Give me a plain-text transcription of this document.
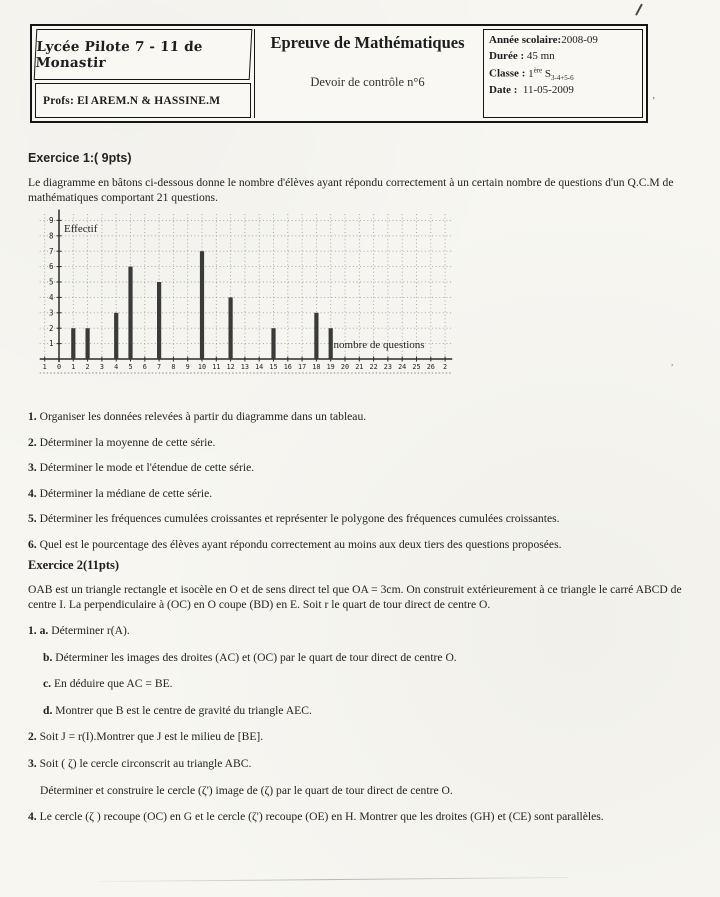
Lycée Pilote 7 - 11 de Monastir
Profs: El AREM.N & HASSINE.M
Epreuve de Mathématiques
Devoir de contrôle n°6
Année scolaire:2008-09
Durée : 45 mn
Classe : 1ère $S_{3-4+5-6}$
Date : 11-05-2009
Exercice 1:( 9pts)
Le diagramme en bâtons ci-dessous donne le nombre d'élèves ayant répondu correctement à un certain nombre de questions d'un Q.C.M de mathématiques comportant 21 questions.
1
2
3
4
5
6
7
8
9
1 0 1 2 3 4 5 6 7 8 9 10 11 12 13 14 15 16 17 18 19 20 21 22 23 24 25 26 2
Effectif
nombre de questions
1. Organiser les données relevées à partir du diagramme dans un tableau.
2. Déterminer la moyenne de cette série.
3. Déterminer le mode et l'étendue de cette série.
4. Déterminer la médiane de cette série.
5. Déterminer les fréquences cumulées croissantes et représenter le polygone des fréquences cumulées croissantes.
6. Quel est le pourcentage des élèves ayant répondu correctement au moins aux deux tiers des questions proposées.
Exercice 2(11pts)
OAB est un triangle rectangle et isocèle en O et de sens direct tel que OA = 3cm. On construit extérieurement à ce triangle le carré ABCD de centre I. La perpendiculaire à (OC) en O coupe (BD) en E. Soit r le quart de tour direct de centre O.
1. a. Déterminer r(A).
b. Déterminer les images des droites (AC) et (OC) par le quart de tour direct de centre O.
c. En déduire que AC = BE.
d. Montrer que B est le centre de gravité du triangle AEC.
2. Soit J = r(I).Montrer que J est le milieu de [BE].
3. Soit ( ζ) le cercle circonscrit au triangle ABC.
Déterminer et construire le cercle (ζ') image de (ζ) par le quart de tour direct de centre O.
4. Le cercle (ζ ) recoupe (OC) en G et le cercle (ζ') recoupe (OE) en H. Montrer que les droites (GH) et (CE) sont parallèles.
,
’
